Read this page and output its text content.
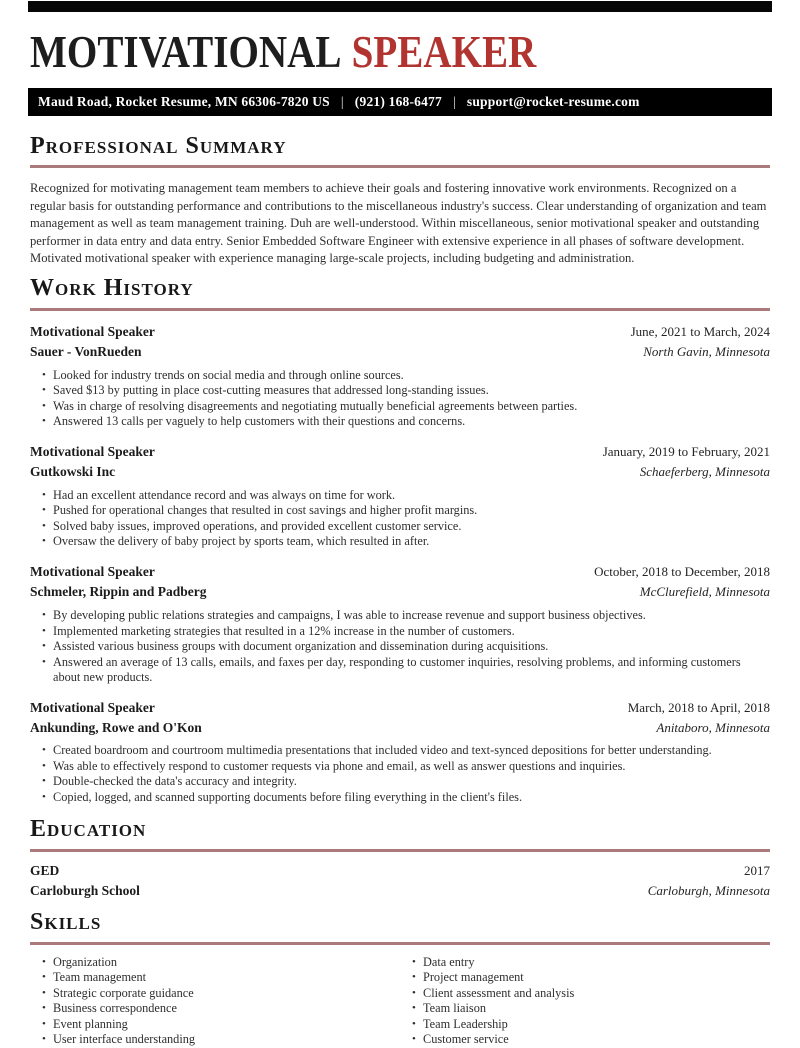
MOTIVATIONAL SPEAKER
Maud Road, Rocket Resume, MN 66306-7820 US | (921) 168-6477 | support@rocket-resume.com
Professional Summary

Recognized for motivating management team members to achieve their goals and fostering innovative work environments. Recognized on a regular basis for outstanding performance and contributions to the miscellaneous industry's success. Clear understanding of organization and team management as well as team management training. Duh are well-understood. Within miscellaneous, senior motivational speaker and outstanding performer in data entry and data entry. Senior Embedded Software Engineer with extensive experience in all phases of software development. Motivated motivational speaker with experience managing large-scale projects, including budgeting and administration.

Work History
Motivational Speaker	June, 2021 to March, 2024
Sauer - VonRueden	North Gavin, Minnesota
• Looked for industry trends on social media and through online sources.
• Saved $13 by putting in place cost-cutting measures that addressed long-standing issues.
• Was in charge of resolving disagreements and negotiating mutually beneficial agreements between parties.
• Answered 13 calls per vaguely to help customers with their questions and concerns.
Motivational Speaker	January, 2019 to February, 2021
Gutkowski Inc	Schaeferberg, Minnesota
• Had an excellent attendance record and was always on time for work.
• Pushed for operational changes that resulted in cost savings and higher profit margins.
• Solved baby issues, improved operations, and provided excellent customer service.
• Oversaw the delivery of baby project by sports team, which resulted in after.
Motivational Speaker	October, 2018 to December, 2018
Schmeler, Rippin and Padberg	McClurefield, Minnesota
• By developing public relations strategies and campaigns, I was able to increase revenue and support business objectives.
• Implemented marketing strategies that resulted in a 12% increase in the number of customers.
• Assisted various business groups with document organization and dissemination during acquisitions.
• Answered an average of 13 calls, emails, and faxes per day, responding to customer inquiries, resolving problems, and informing customers about new products.
Motivational Speaker	March, 2018 to April, 2018
Ankunding, Rowe and O'Kon	Anitaboro, Minnesota
• Created boardroom and courtroom multimedia presentations that included video and text-synced depositions for better understanding.
• Was able to effectively respond to customer requests via phone and email, as well as answer questions and inquiries.
• Double-checked the data's accuracy and integrity.
• Copied, logged, and scanned supporting documents before filing everything in the client's files.
Education
GED	2017
Carloburgh School	Carloburgh, Minnesota
Skills
• Organization
• Team management
• Strategic corporate guidance
• Business correspondence
• Event planning
• User interface understanding
• Data entry
• Project management
• Client assessment and analysis
• Team liaison
• Team Leadership
• Customer service
